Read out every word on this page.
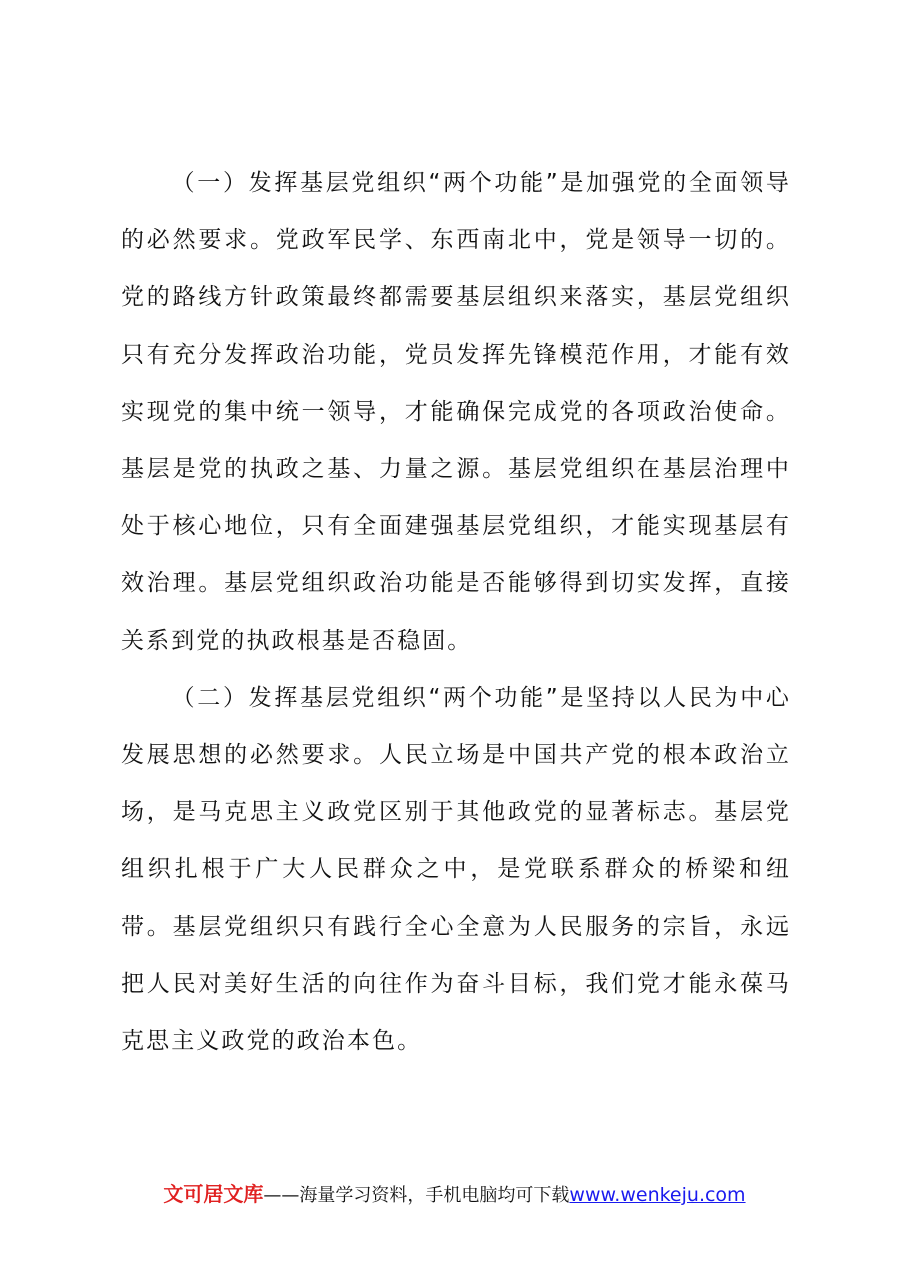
（一）发挥基层党组织“两个功能”是加强党的全面领导的必然要求。党政军民学、东西南北中，党是领导一切的。党的路线方针政策最终都需要基层组织来落实，基层党组织只有充分发挥政治功能，党员发挥先锋模范作用，才能有效实现党的集中统一领导，才能确保完成党的各项政治使命。基层是党的执政之基、力量之源。基层党组织在基层治理中处于核心地位，只有全面建强基层党组织，才能实现基层有效治理。基层党组织政治功能是否能够得到切实发挥，直接关系到党的执政根基是否稳固。

（二）发挥基层党组织“两个功能”是坚持以人民为中心发展思想的必然要求。人民立场是中国共产党的根本政治立场，是马克思主义政党区别于其他政党的显著标志。基层党组织扎根于广大人民群众之中，是党联系群众的桥梁和纽带。基层党组织只有践行全心全意为人民服务的宗旨，永远把人民对美好生活的向往作为奋斗目标，我们党才能永葆马克思主义政党的政治本色。

文可居文库——海量学习资料，手机电脑均可下载www.wenkeju.com
